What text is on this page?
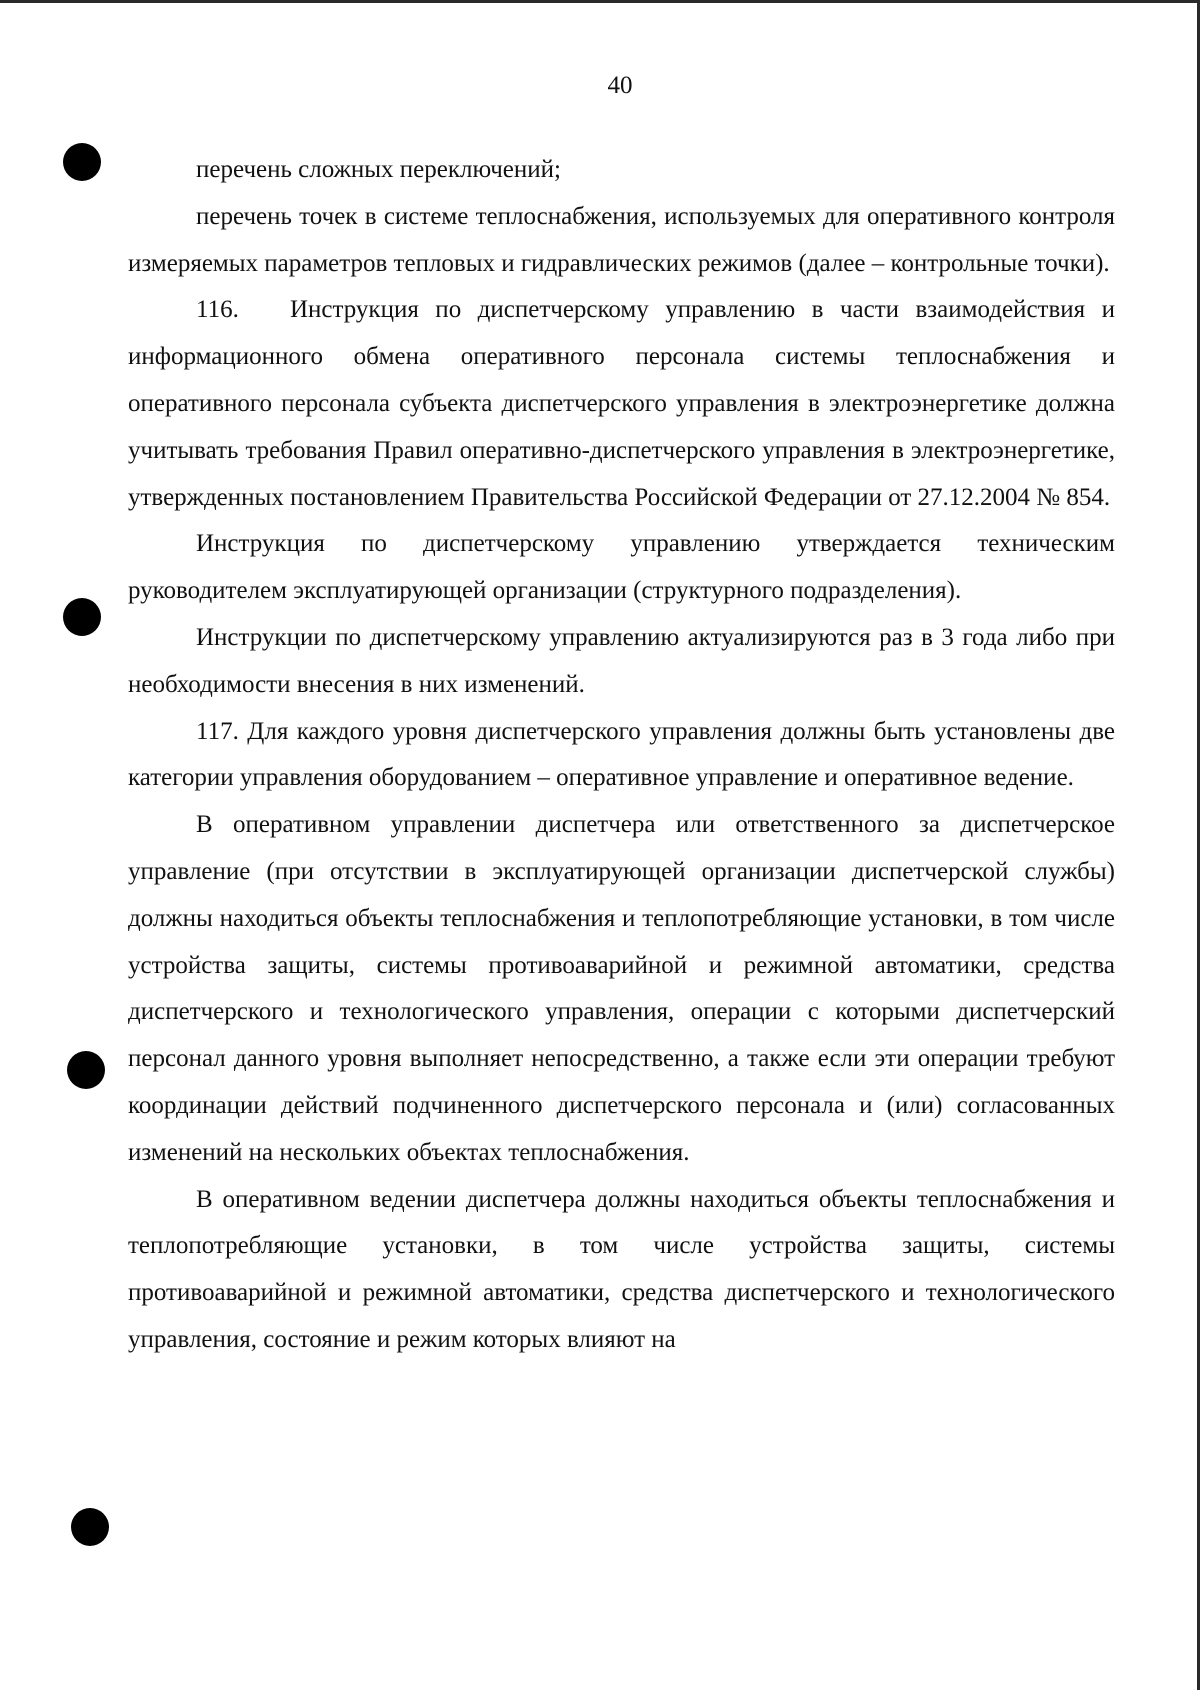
40

перечень сложных переключений;

перечень точек в системе теплоснабжения, используемых для оперативного контроля измеряемых параметров тепловых и гидравлических режимов (далее – контрольные точки).

116. Инструкция по диспетчерскому управлению в части взаимодействия и информационного обмена оперативного персонала системы теплоснабжения и оперативного персонала субъекта диспетчерского управления в электроэнергетике должна учитывать требования Правил оперативно-диспетчерского управления в электроэнергетике, утвержденных постановлением Правительства Российской Федерации от 27.12.2004 № 854.

Инструкция по диспетчерскому управлению утверждается техническим руководителем эксплуатирующей организации (структурного подразделения).

Инструкции по диспетчерскому управлению актуализируются раз в 3 года либо при необходимости внесения в них изменений.

117. Для каждого уровня диспетчерского управления должны быть установлены две категории управления оборудованием – оперативное управление и оперативное ведение.

В оперативном управлении диспетчера или ответственного за диспетчерское управление (при отсутствии в эксплуатирующей организации диспетчерской службы) должны находиться объекты теплоснабжения и теплопотребляющие установки, в том числе устройства защиты, системы противоаварийной и режимной автоматики, средства диспетчерского и технологического управления, операции с которыми диспетчерский персонал данного уровня выполняет непосредственно, а также если эти операции требуют координации действий подчиненного диспетчерского персонала и (или) согласованных изменений на нескольких объектах теплоснабжения.

В оперативном ведении диспетчера должны находиться объекты теплоснабжения и теплопотребляющие установки, в том числе устройства защиты, системы противоаварийной и режимной автоматики, средства диспетчерского и технологического управления, состояние и режим которых влияют на
